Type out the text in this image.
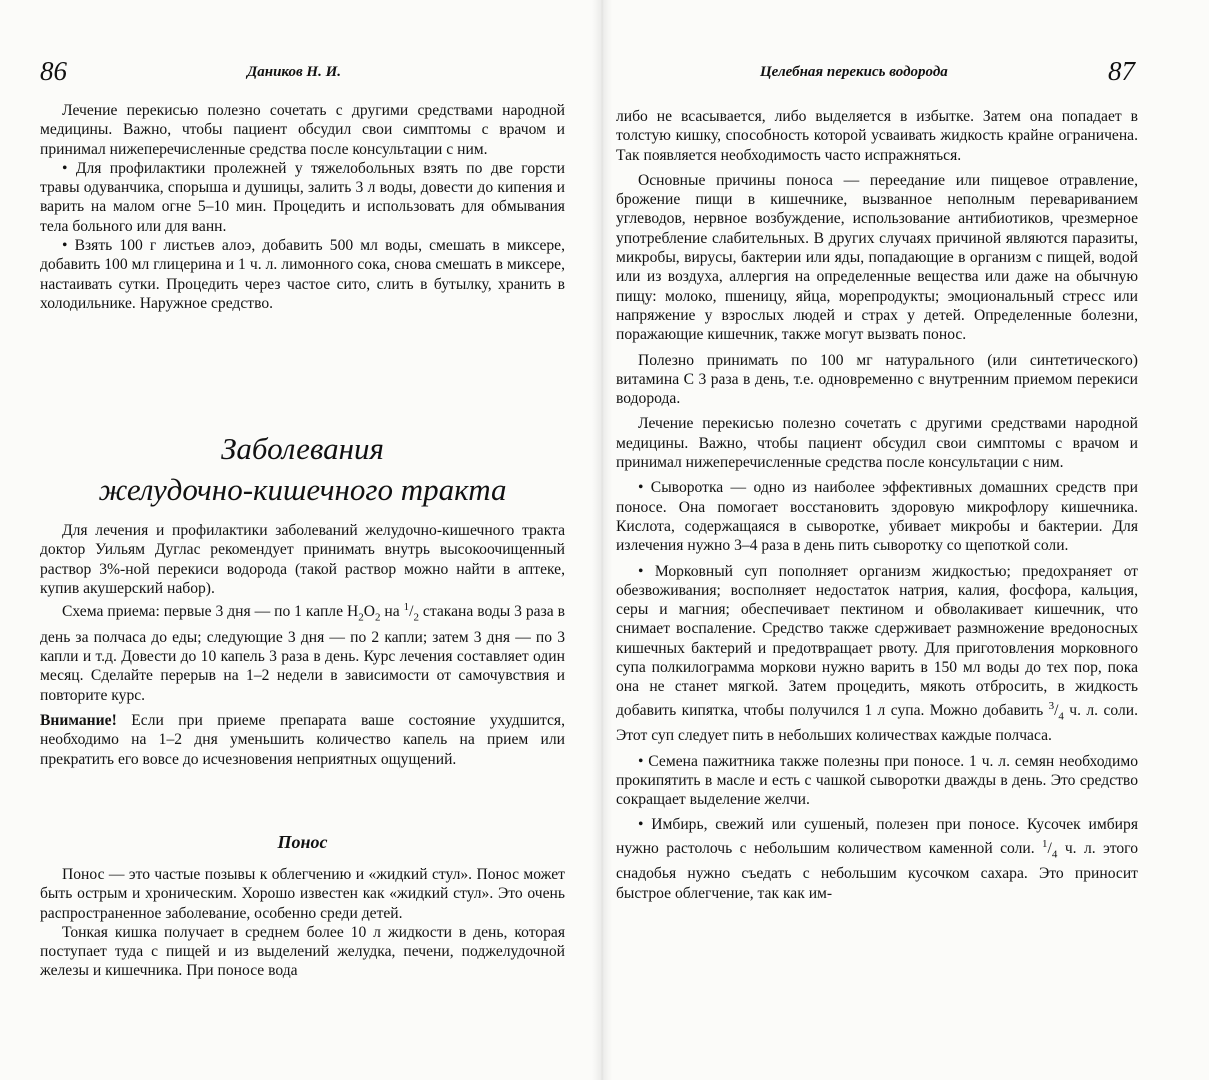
86	Даников Н. И.

Лечение перекисью полезно сочетать с другими средствами народной медицины. Важно, чтобы пациент обсудил свои симптомы с врачом и принимал нижеперечисленные средства после консультации с ним.

• Для профилактики пролежней у тяжелобольных взять по две горсти травы одуванчика, спорыша и душицы, залить 3 л воды, довести до кипения и варить на малом огне 5–10 мин. Процедить и использовать для обмывания тела больного или для ванн.

• Взять 100 г листьев алоэ, добавить 500 мл воды, смешать в миксере, добавить 100 мл глицерина и 1 ч. л. лимонного сока, снова смешать в миксере, настаивать сутки. Процедить через частое сито, слить в бутылку, хранить в холодильнике. Наружное средство.

Заболевания
желудочно-кишечного тракта

Для лечения и профилактики заболеваний желудочно-кишечного тракта доктор Уильям Дуглас рекомендует принимать внутрь высокоочищенный раствор 3%-ной перекиси водорода (такой раствор можно найти в аптеке, купив акушерский набор).

Схема приема: первые 3 дня — по 1 капле $H_2O_2$ на $^1/_2$ стакана воды 3 раза в день за полчаса до еды; следующие 3 дня — по 2 капли; затем 3 дня — по 3 капли и т.д. Довести до 10 капель 3 раза в день. Курс лечения составляет один месяц. Сделайте перерыв на 1–2 недели в зависимости от самочувствия и повторите курс.

Внимание! Если при приеме препарата ваше состояние ухудшится, необходимо на 1–2 дня уменьшить количество капель на прием или прекратить его вовсе до исчезновения неприятных ощущений.

Понос

Понос — это частые позывы к облегчению и «жидкий стул». Понос может быть острым и хроническим. Хорошо известен как «жидкий стул». Это очень распространенное заболевание, особенно среди детей.

Тонкая кишка получает в среднем более 10 л жидкости в день, которая поступает туда с пищей и из выделений желудка, печени, поджелудочной железы и кишечника. При поносе вода

Целебная перекись водорода	87

либо не всасывается, либо выделяется в избытке. Затем она попадает в толстую кишку, способность которой усваивать жидкость крайне ограничена. Так появляется необходимость часто испражняться.

Основные причины поноса — переедание или пищевое отравление, брожение пищи в кишечнике, вызванное неполным перевариванием углеводов, нервное возбуждение, использование антибиотиков, чрезмерное употребление слабительных. В других случаях причиной являются паразиты, микробы, вирусы, бактерии или яды, попадающие в организм с пищей, водой или из воздуха, аллергия на определенные вещества или даже на обычную пищу: молоко, пшеницу, яйца, морепродукты; эмоциональный стресс или напряжение у взрослых людей и страх у детей. Определенные болезни, поражающие кишечник, также могут вызвать понос.

Полезно принимать по 100 мг натурального (или синтетического) витамина С 3 раза в день, т.е. одновременно с внутренним приемом перекиси водорода.

Лечение перекисью полезно сочетать с другими средствами народной медицины. Важно, чтобы пациент обсудил свои симптомы с врачом и принимал нижеперечисленные средства после консультации с ним.

• Сыворотка — одно из наиболее эффективных домашних средств при поносе. Она помогает восстановить здоровую микрофлору кишечника. Кислота, содержащаяся в сыворотке, убивает микробы и бактерии. Для излечения нужно 3–4 раза в день пить сыворотку со щепоткой соли.

• Морковный суп пополняет организм жидкостью; предохраняет от обезвоживания; восполняет недостаток натрия, калия, фосфора, кальция, серы и магния; обеспечивает пектином и обволакивает кишечник, что снимает воспаление. Средство также сдерживает размножение вредоносных кишечных бактерий и предотвращает рвоту. Для приготовления морковного супа полкилограмма моркови нужно варить в 150 мл воды до тех пор, пока она не станет мягкой. Затем процедить, мякоть отбросить, в жидкость добавить кипятка, чтобы получился 1 л супа. Можно добавить $^3/_4$ ч. л. соли. Этот суп следует пить в небольших количествах каждые полчаса.

• Семена пажитника также полезны при поносе. 1 ч. л. семян необходимо прокипятить в масле и есть с чашкой сыворотки дважды в день. Это средство сокращает выделение желчи.

• Имбирь, свежий или сушеный, полезен при поносе. Кусочек имбиря нужно растолочь с небольшим количеством каменной соли. $^1/_4$ ч. л. этого снадобья нужно съедать с небольшим кусочком сахара. Это приносит быстрое облегчение, так как им-
